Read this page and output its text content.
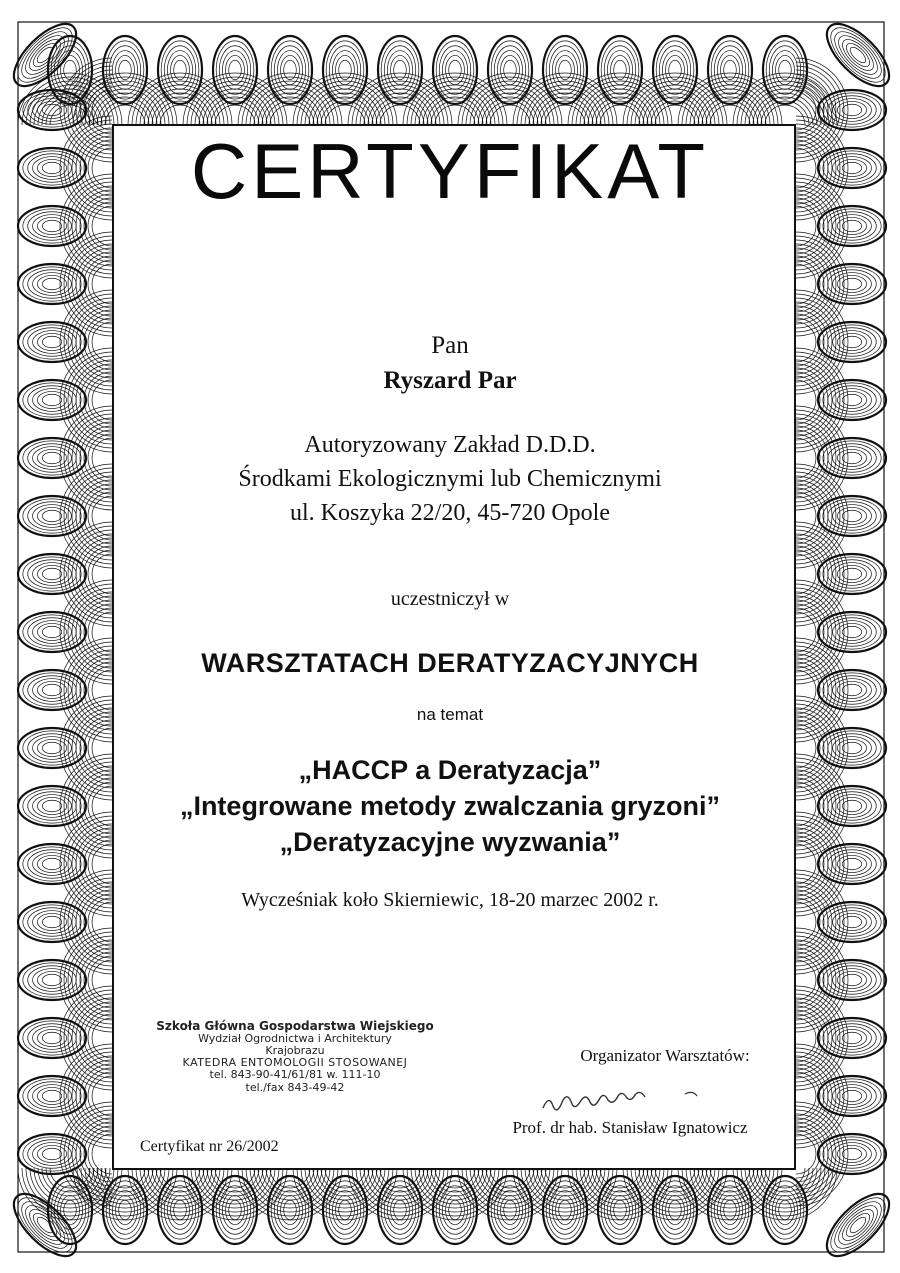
CERTYFIKAT
Pan
Ryszard Par
Autoryzowany Zakład D.D.D.
Środkami Ekologicznymi lub Chemicznymi
ul. Koszyka 22/20, 45-720 Opole
uczestniczył w
WARSZTATACH DERATYZACYJNYCH
na temat
„HACCP a Deratyzacja”
„Integrowane metody zwalczania gryzoni”
„Deratyzacyjne wyzwania”
Wycześniak koło Skierniewic, 18-20 marzec 2002 r.
Szkoła Główna Gospodarstwa Wiejskiego
Wydział Ogrodnictwa i Architektury
Krajobrazu
KATEDRA ENTOMOLOGII STOSOWANEJ
tel. 843-90-41/61/81 w. 111-10
tel./fax 843-49-42
Organizator Warsztatów:
Prof. dr hab. Stanisław Ignatowicz
Certyfikat nr 26/2002
